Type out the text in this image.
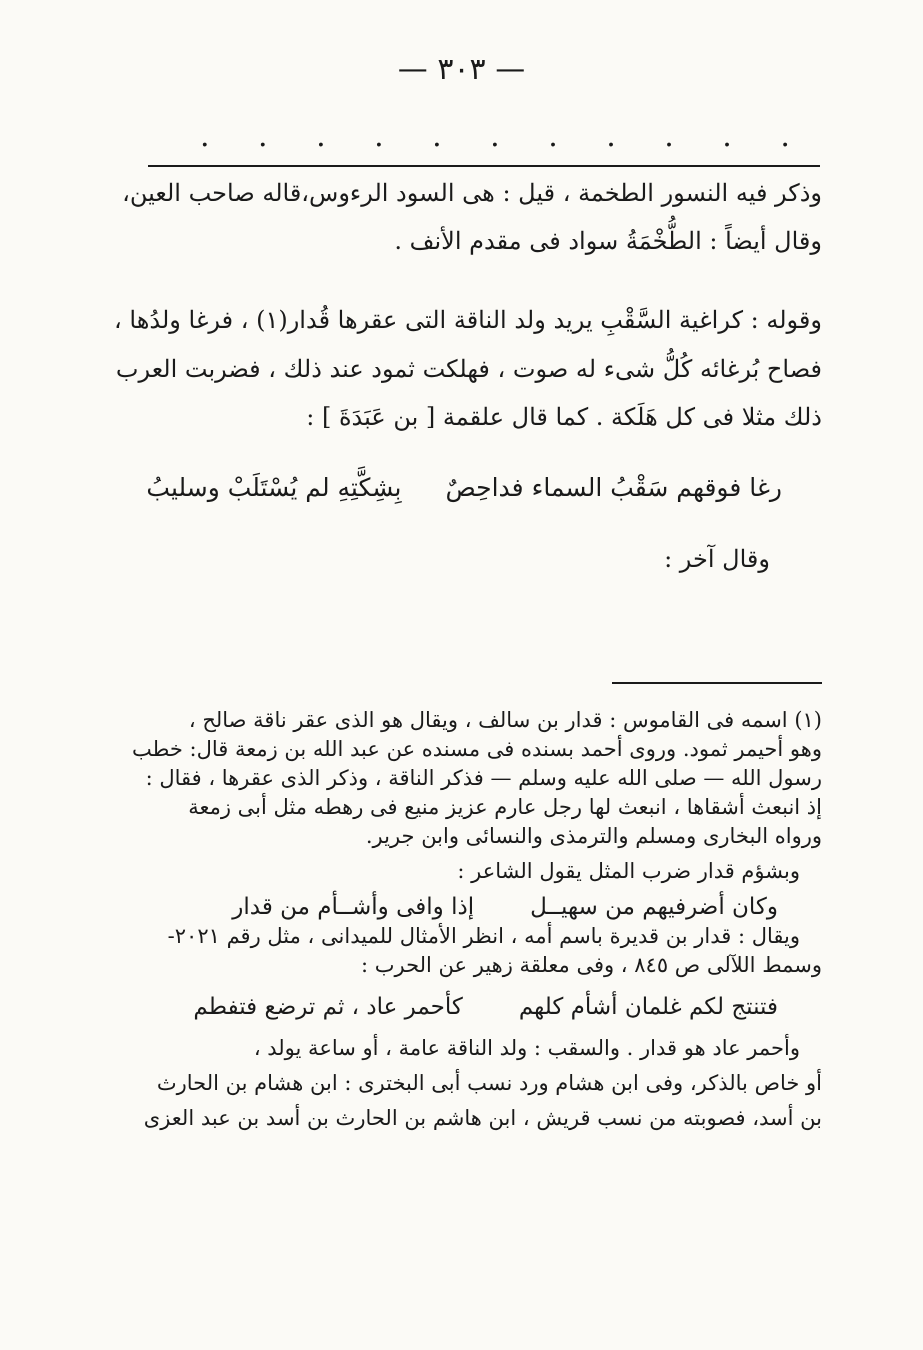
— ٣٠٣ —
.
.
.
.
.
.
.
.
.
.
.
وذكر فيه النسور الطخمة ، قيل : هى السود الرءوس،قاله صاحب العين،
وقال أيضاً : الطُّخْمَةُ سواد فى مقدم الأنف .
وقوله : كراغية السَّقْبِ يريد ولد الناقة التى عقرها قُدار(١) ، فرغا ولدُها ،
فصاح بُرغائه كُلُّ شىء له صوت ، فهلكت ثمود عند ذلك ، فضربت العرب
ذلك مثلا فى كل هَلَكة . كما قال علقمة [ بن عَبَدَةَ ] :
رغا فوقهم سَقْبُ السماء فداحِصٌ
بِشِكَّتِهِ لم يُسْتَلَبْ وسليبُ
وقال آخر :
(١) اسمه فى القاموس : قدار بن سالف ، ويقال هو الذى عقر ناقة صالح ،
وهو أحيمر ثمود. وروى أحمد بسنده فى مسنده عن عبد الله بن زمعة قال: خطب
رسول الله — صلى الله عليه وسلم — فذكر الناقة ، وذكر الذى عقرها ، فقال :
إذ انبعث أشقاها ، انبعث لها رجل عارم عزيز منيع فى رهطه مثل أبى زمعة
ورواه البخارى ومسلم والترمذى والنسائى وابن جرير.
وبشؤم قدار ضرب المثل يقول الشاعر :
وكان أضرفيهم من سهيــل
إذا وافى وأشــأم من قدار
ويقال : قدار بن قديرة باسم أمه ، انظر الأمثال للميدانى ، مثل رقم ٢٠٢١-
وسمط اللآلى ص ٨٤٥ ، وفى معلقة زهير عن الحرب :
فتنتج لكم غلمان أشأم كلهم
كأحمر عاد ، ثم ترضع فتفطم
وأحمر عاد هو قدار . والسقب : ولد الناقة عامة ، أو ساعة يولد ،
أو خاص بالذكر، وفى ابن هشام ورد نسب أبى البخترى : ابن هشام بن الحارث
بن أسد، فصوبته من نسب قريش ، ابن هاشم بن الحارث بن أسد بن عبد العزى
